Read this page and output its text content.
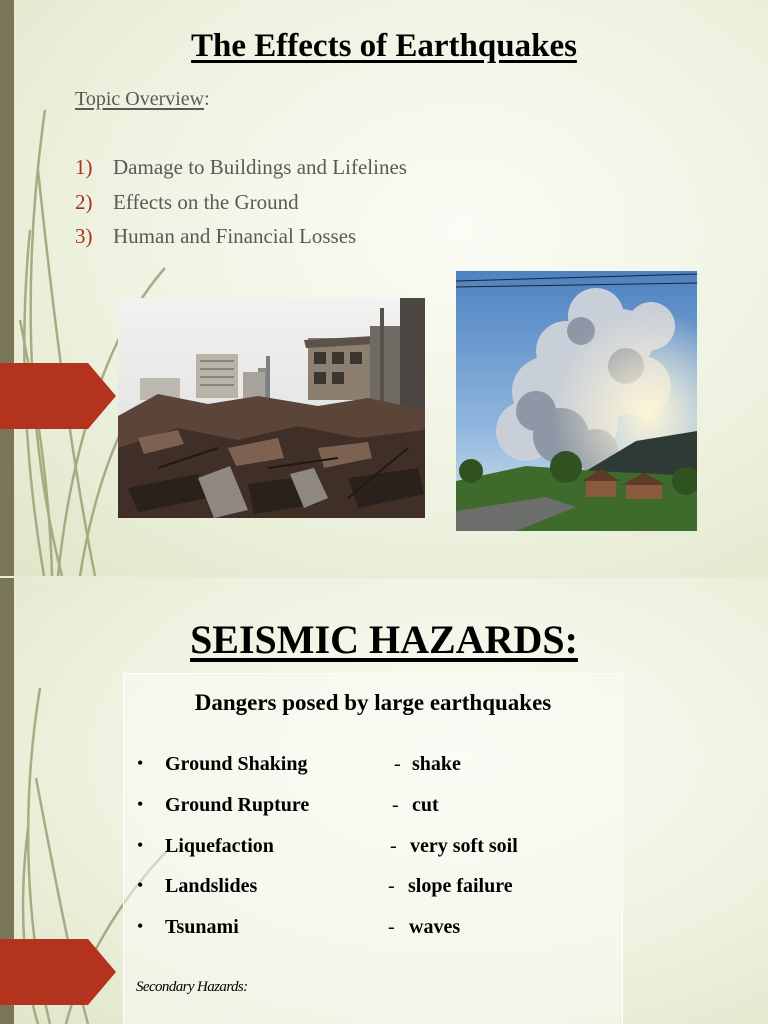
The Effects of Earthquakes
Topic Overview:
1) Damage to Buildings and Lifelines
2) Effects on the Ground
3) Human and Financial Losses
SEISMIC HAZARDS:
Dangers posed by large earthquakes
• Ground Shaking	- shake
• Ground Rupture	- cut
• Liquefaction	- very soft soil
• Landslides	- slope failure
• Tsunami	- waves
Secondary Hazards:
